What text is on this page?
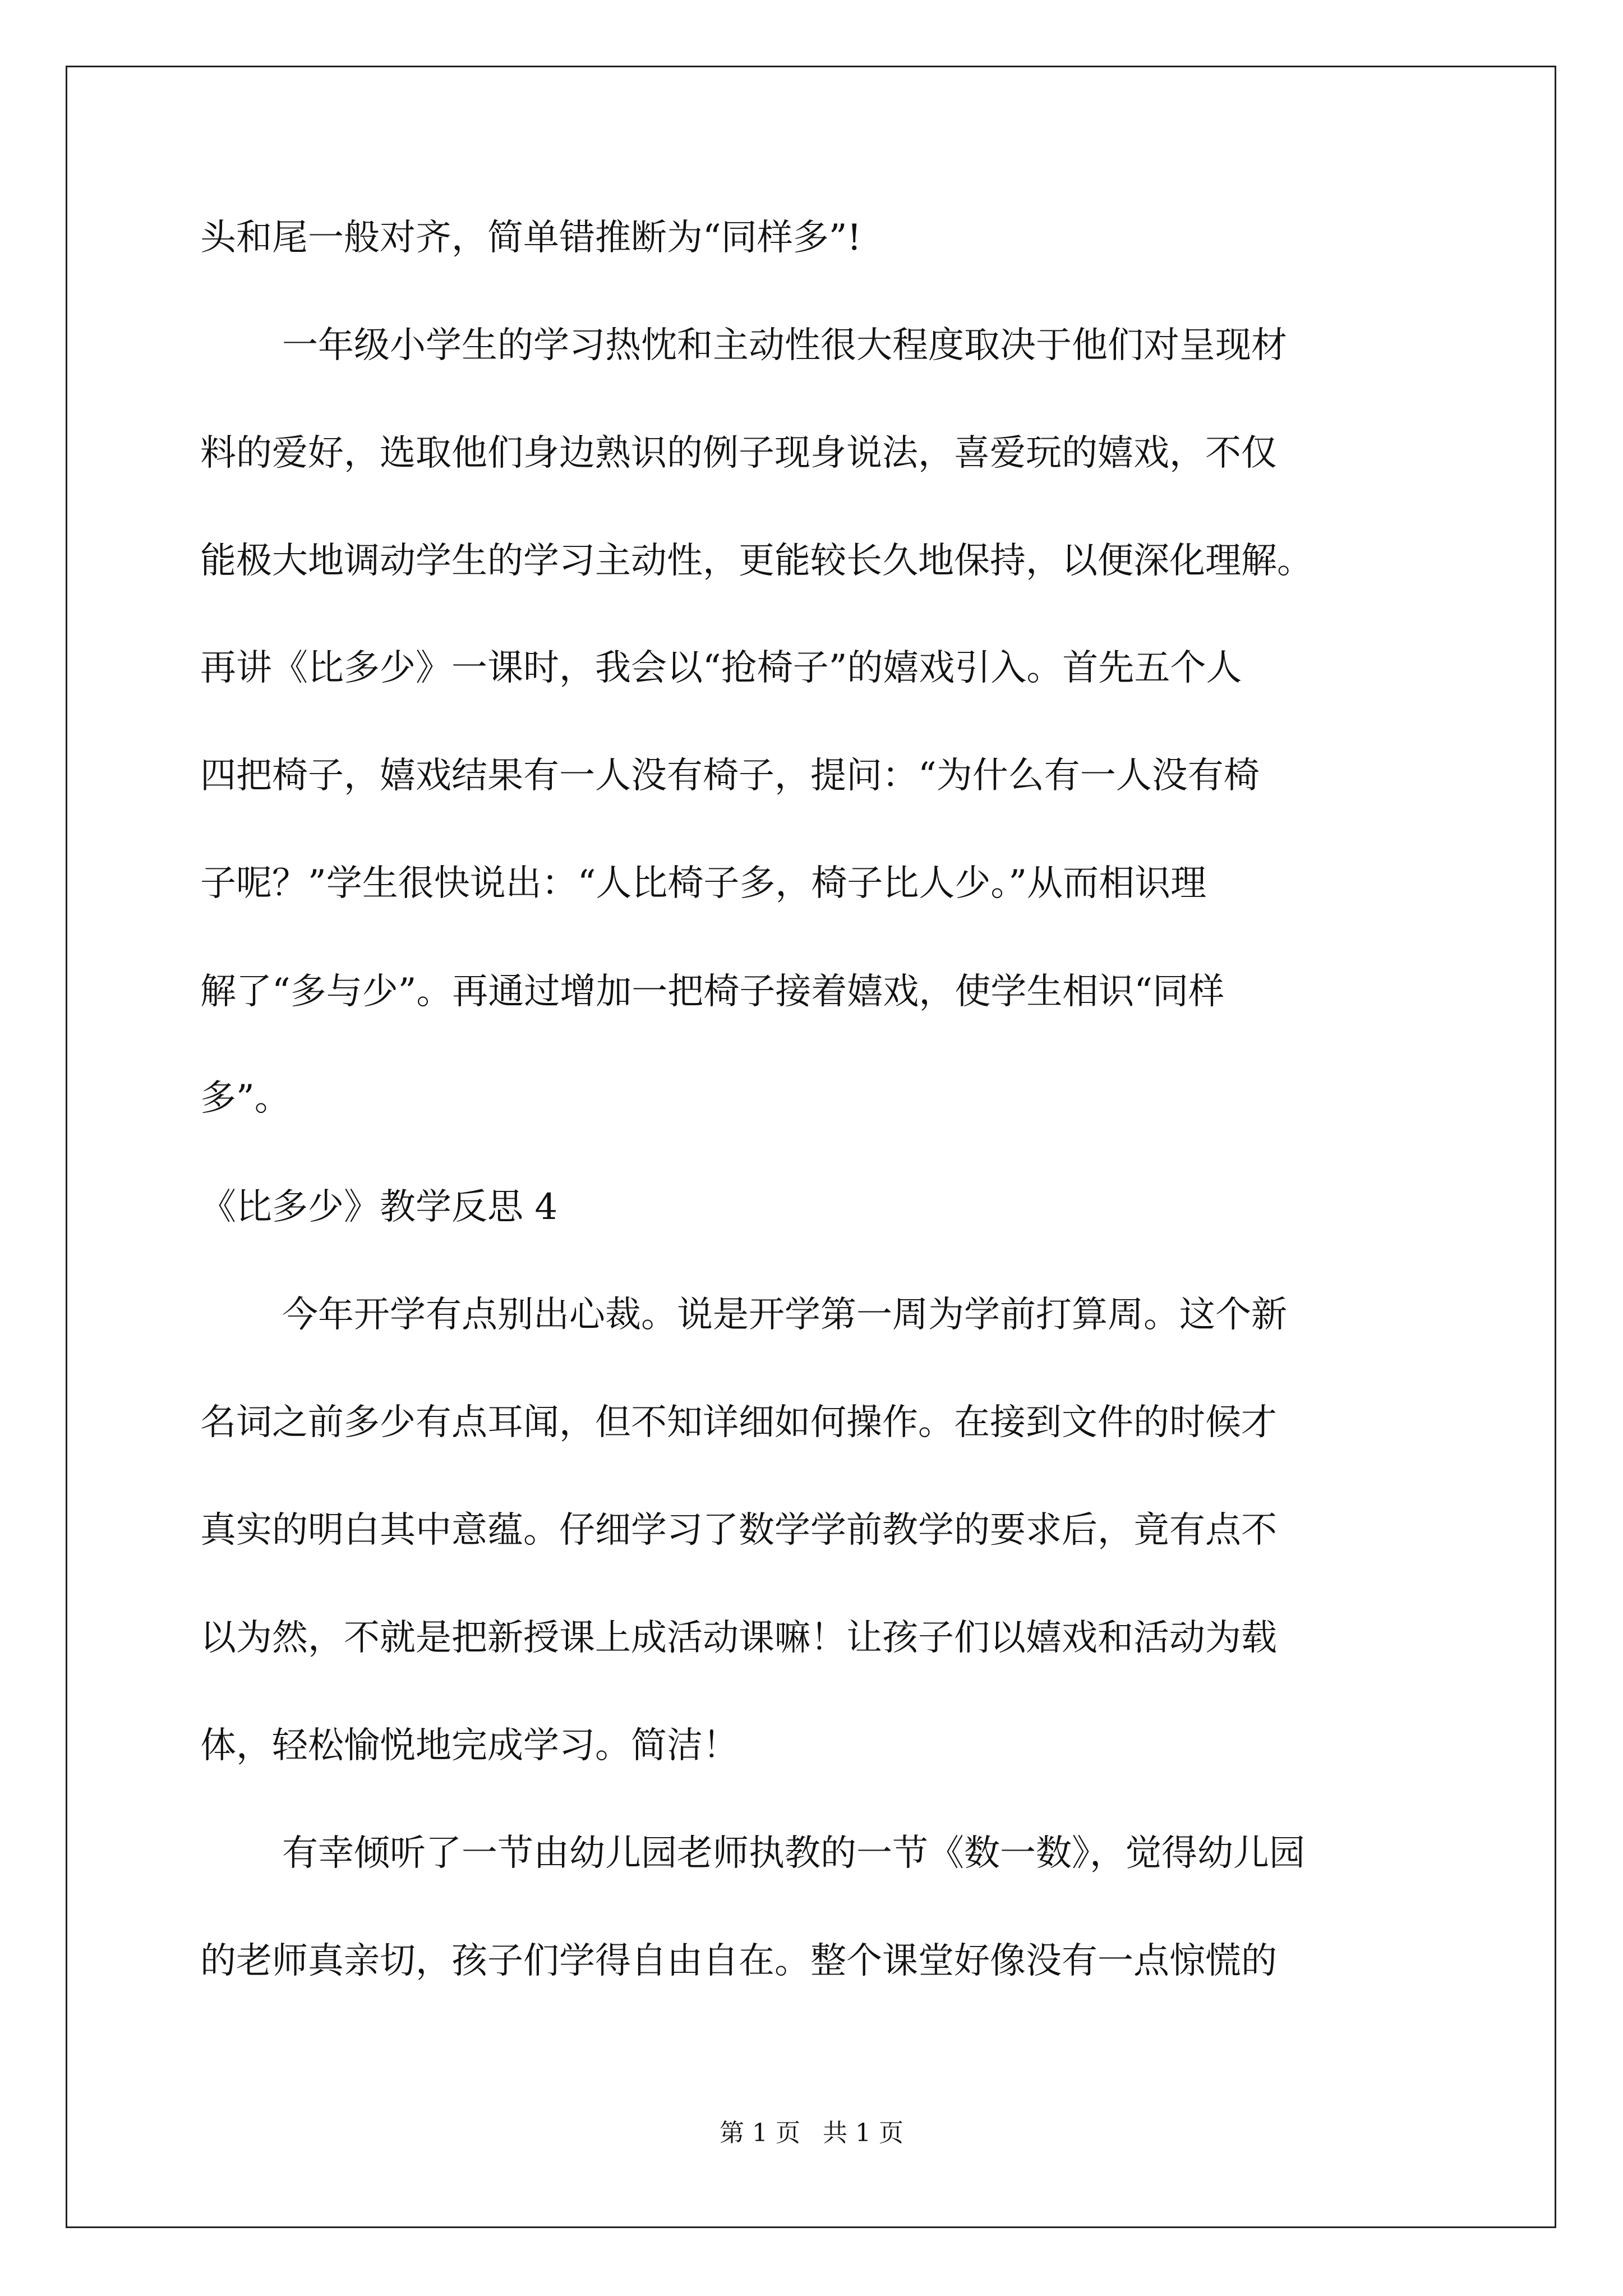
头和尾一般对齐，简单错推断为“同样多”!
一年级小学生的学习热忱和主动性很大程度取决于他们对呈现材
料的爱好，选取他们身边熟识的例子现身说法，喜爱玩的嬉戏，不仅
能极大地调动学生的学习主动性，更能较长久地保持，以便深化理解。
再讲《比多少》一课时，我会以“抢椅子”的嬉戏引入。首先五个人
四把椅子，嬉戏结果有一人没有椅子，提问：“为什么有一人没有椅
子呢？”学生很快说出：“人比椅子多，椅子比人少。”从而相识理
解了“多与少”。再通过增加一把椅子接着嬉戏，使学生相识“同样
多”。
《比多少》教学反思 4
今年开学有点别出心裁。说是开学第一周为学前打算周。这个新
名词之前多少有点耳闻，但不知详细如何操作。在接到文件的时候才
真实的明白其中意蕴。仔细学习了数学学前教学的要求后，竟有点不
以为然，不就是把新授课上成活动课嘛！让孩子们以嬉戏和活动为载
体，轻松愉悦地完成学习。简洁！
有幸倾听了一节由幼儿园老师执教的一节《数一数》，觉得幼儿园
的老师真亲切，孩子们学得自由自在。整个课堂好像没有一点惊慌的
第 1 页 共 1 页
